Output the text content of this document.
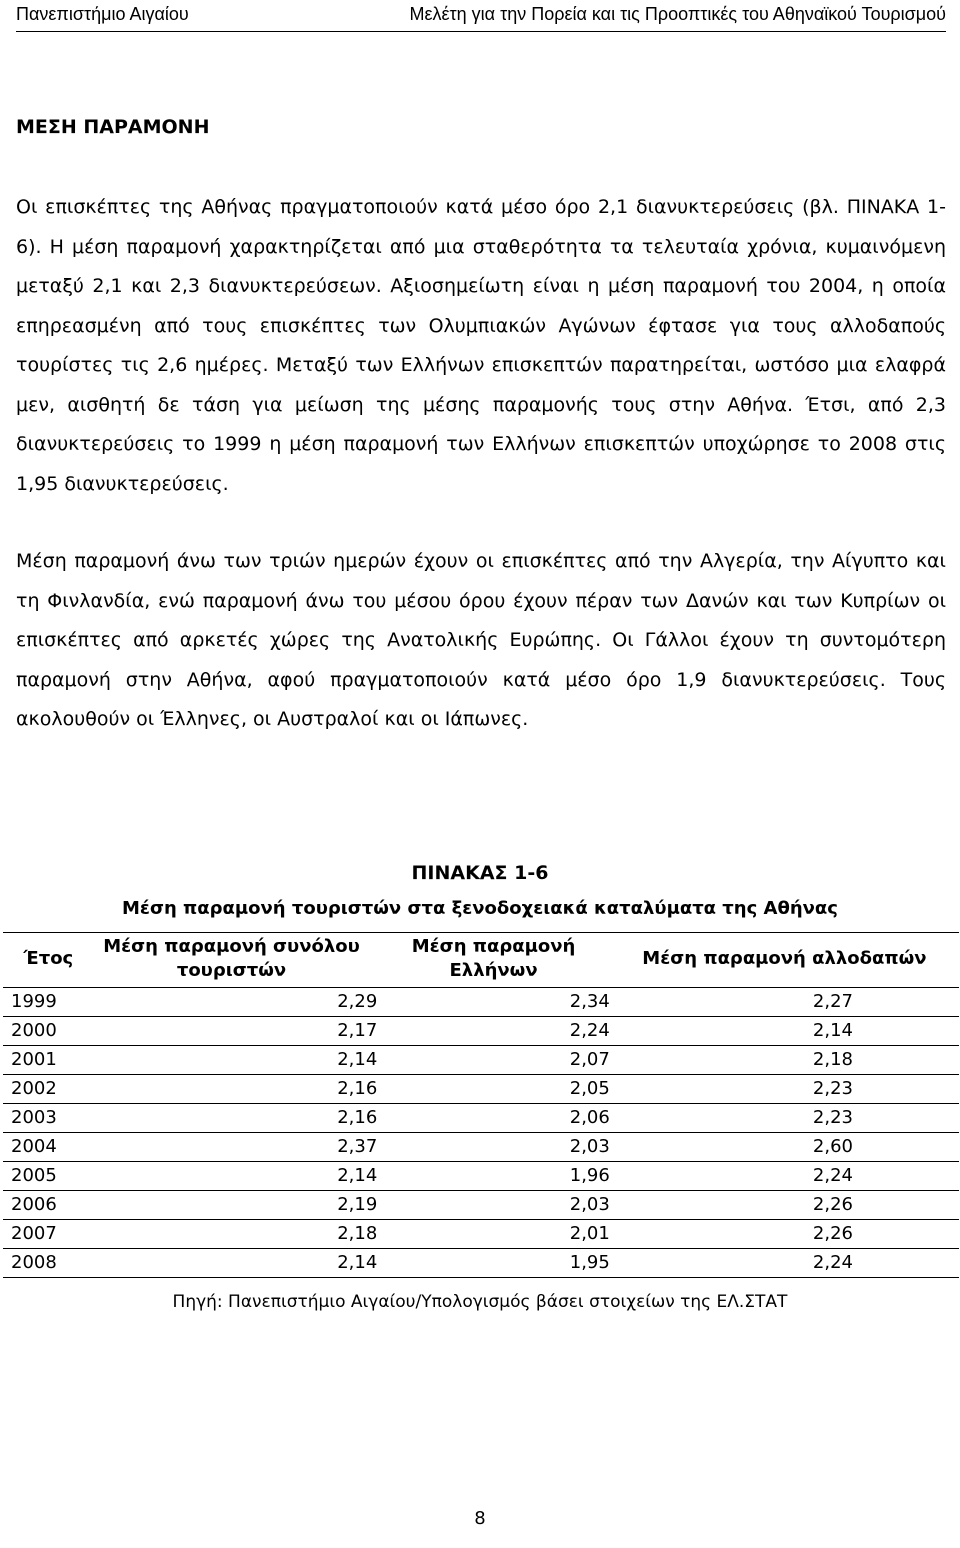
Πανεπιστήμιο Αιγαίου	Μελέτη για την Πορεία και τις Προοπτικές του Αθηναϊκού Τουρισμού
ΜΕΣΗ ΠΑΡΑΜΟΝΗ

Οι επισκέπτες της Αθήνας πραγματοποιούν κατά μέσο όρο 2,1 διανυκτερεύσεις (βλ. ΠΙΝΑΚΑ 1-6). Η μέση παραμονή χαρακτηρίζεται από μια σταθερότητα τα τελευταία χρόνια, κυμαινόμενη μεταξύ 2,1 και 2,3 διανυκτερεύσεων. Αξιοσημείωτη είναι η μέση παραμονή του 2004, η οποία επηρεασμένη από τους επισκέπτες των Ολυμπιακών Αγώνων έφτασε για τους αλλοδαπούς τουρίστες τις 2,6 ημέρες. Μεταξύ των Ελλήνων επισκεπτών παρατηρείται, ωστόσο μια ελαφρά μεν, αισθητή δε τάση για μείωση της μέσης παραμονής τους στην Αθήνα. Έτσι, από 2,3 διανυκτερεύσεις το 1999 η μέση παραμονή των Ελλήνων επισκεπτών υποχώρησε το 2008 στις 1,95 διανυκτερεύσεις.

Μέση παραμονή άνω των τριών ημερών έχουν οι επισκέπτες από την Αλγερία, την Αίγυπτο και τη Φινλανδία, ενώ παραμονή άνω του μέσου όρου έχουν πέραν των Δανών και των Κυπρίων οι επισκέπτες από αρκετές χώρες της Ανατολικής Ευρώπης. Οι Γάλλοι έχουν τη συντομότερη παραμονή στην Αθήνα, αφού πραγματοποιούν κατά μέσο όρο 1,9 διανυκτερεύσεις. Τους ακολουθούν οι Έλληνες, οι Αυστραλοί και οι Ιάπωνες.

ΠΙΝΑΚΑΣ 1-6
Μέση παραμονή τουριστών στα ξενοδοχειακά καταλύματα της Αθήνας
Έτος	Μέση παραμονή συνόλου τουριστών	Μέση παραμονή Ελλήνων	Μέση παραμονή αλλοδαπών
1999	2,29	2,34	2,27
2000	2,17	2,24	2,14
2001	2,14	2,07	2,18
2002	2,16	2,05	2,23
2003	2,16	2,06	2,23
2004	2,37	2,03	2,60
2005	2,14	1,96	2,24
2006	2,19	2,03	2,26
2007	2,18	2,01	2,26
2008	2,14	1,95	2,24
Πηγή: Πανεπιστήμιο Αιγαίου/Υπολογισμός βάσει στοιχείων της ΕΛ.ΣΤΑΤ
8
